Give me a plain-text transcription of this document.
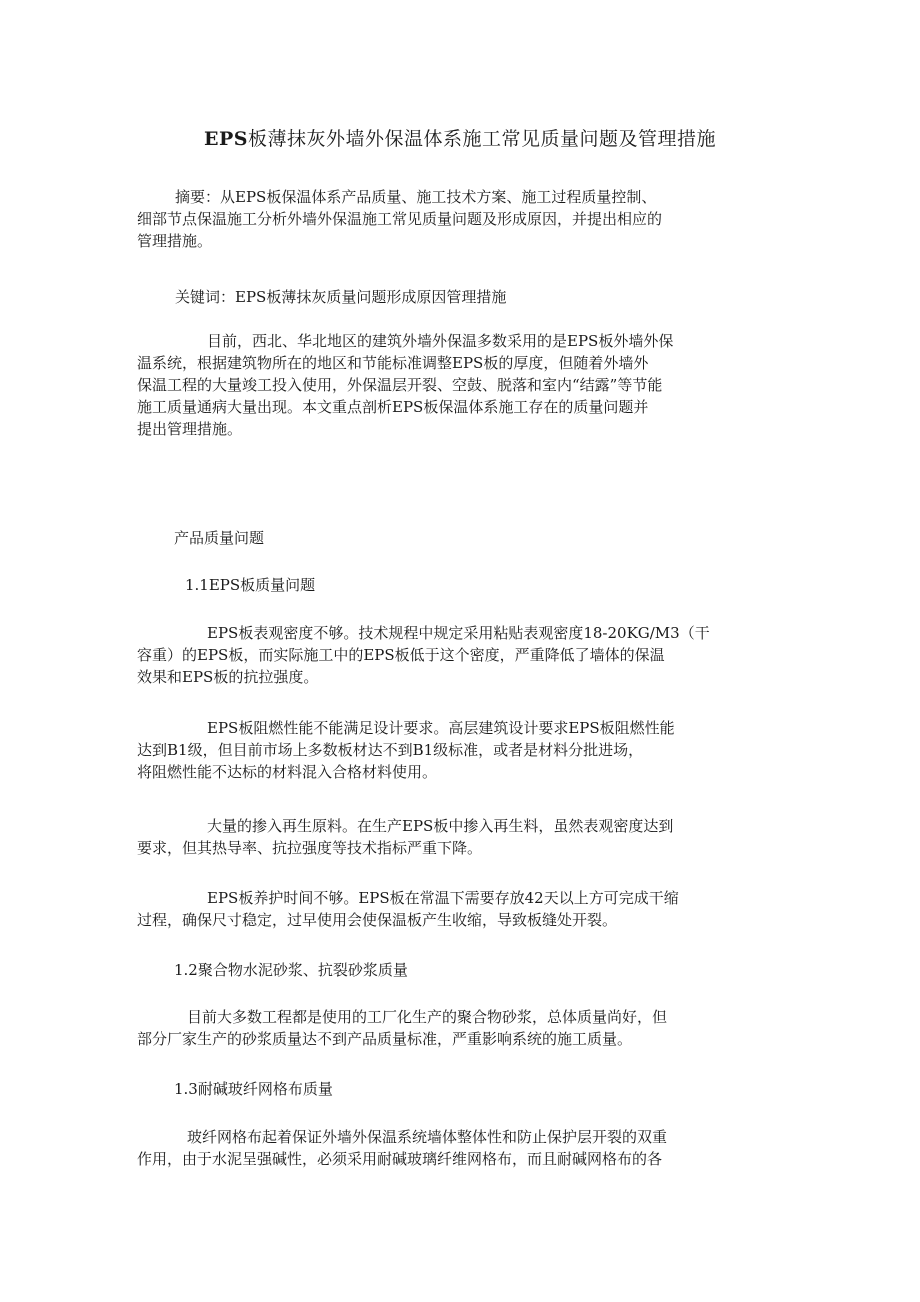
EPS板薄抹灰外墙外保温体系施工常见质量问题及管理措施

摘要：从EPS板保温体系产品质量、施工技术方案、施工过程质量控制、
细部节点保温施工分析外墙外保温施工常见质量问题及形成原因，并提出相应的
管理措施。

关键词：EPS板薄抹灰质量问题形成原因管理措施

目前，西北、华北地区的建筑外墙外保温多数采用的是EPS板外墙外保
温系统，根据建筑物所在的地区和节能标准调整EPS板的厚度，但随着外墙外
保温工程的大量竣工投入使用，外保温层开裂、空鼓、脱落和室内“结露”等节能
施工质量通病大量出现。本文重点剖析EPS板保温体系施工存在的质量问题并
提出管理措施。

产品质量问题

1.1EPS板质量问题

EPS板表观密度不够。技术规程中规定采用粘贴表观密度18-20KG/M3（干
容重）的EPS板，而实际施工中的EPS板低于这个密度，严重降低了墙体的保温
效果和EPS板的抗拉强度。

EPS板阻燃性能不能满足设计要求。高层建筑设计要求EPS板阻燃性能
达到B1级，但目前市场上多数板材达不到B1级标准，或者是材料分批进场，
将阻燃性能不达标的材料混入合格材料使用。

大量的掺入再生原料。在生产EPS板中掺入再生料，虽然表观密度达到
要求，但其热导率、抗拉强度等技术指标严重下降。

EPS板养护时间不够。EPS板在常温下需要存放42天以上方可完成干缩
过程，确保尺寸稳定，过早使用会使保温板产生收缩，导致板缝处开裂。

1.2聚合物水泥砂浆、抗裂砂浆质量

目前大多数工程都是使用的工厂化生产的聚合物砂浆，总体质量尚好，但
部分厂家生产的砂浆质量达不到产品质量标准，严重影响系统的施工质量。

1.3耐碱玻纤网格布质量

玻纤网格布起着保证外墙外保温系统墙体整体性和防止保护层开裂的双重
作用，由于水泥呈强碱性，必须采用耐碱玻璃纤维网格布，而且耐碱网格布的各
